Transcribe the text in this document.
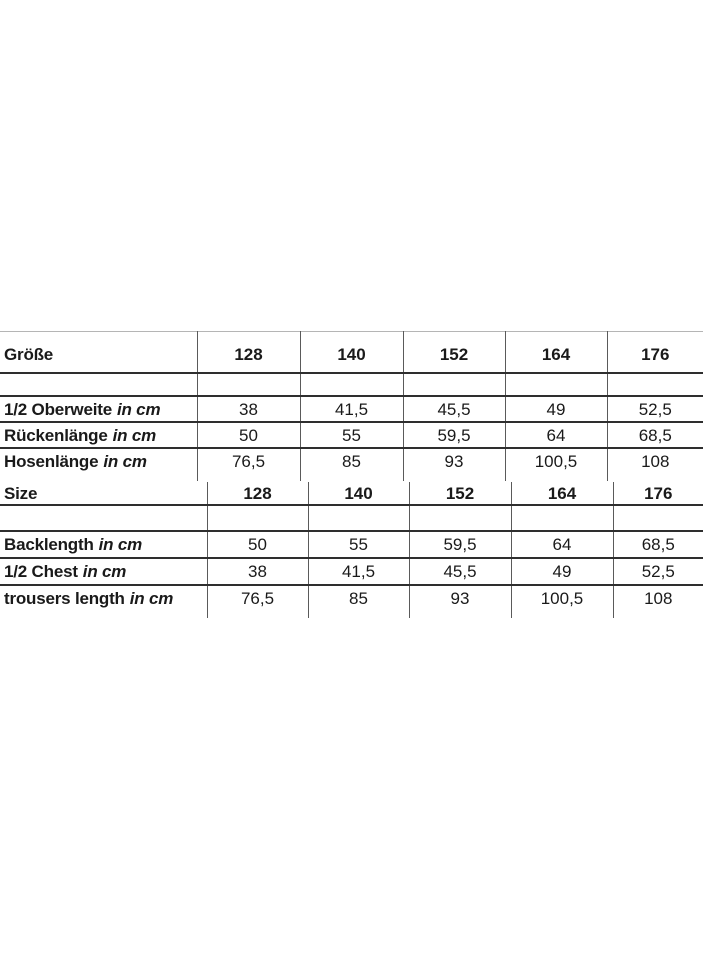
Größe	128	140	152	164	176

1/2 Oberweite in cm	38	41,5	45,5	49	52,5
Rückenlänge in cm	50	55	59,5	64	68,5
Hosenlänge in cm	76,5	85	93	100,5	108

Size	128	140	152	164	176

Backlength in cm	50	55	59,5	64	68,5
1/2 Chest in cm	38	41,5	45,5	49	52,5
trousers length in cm	76,5	85	93	100,5	108
